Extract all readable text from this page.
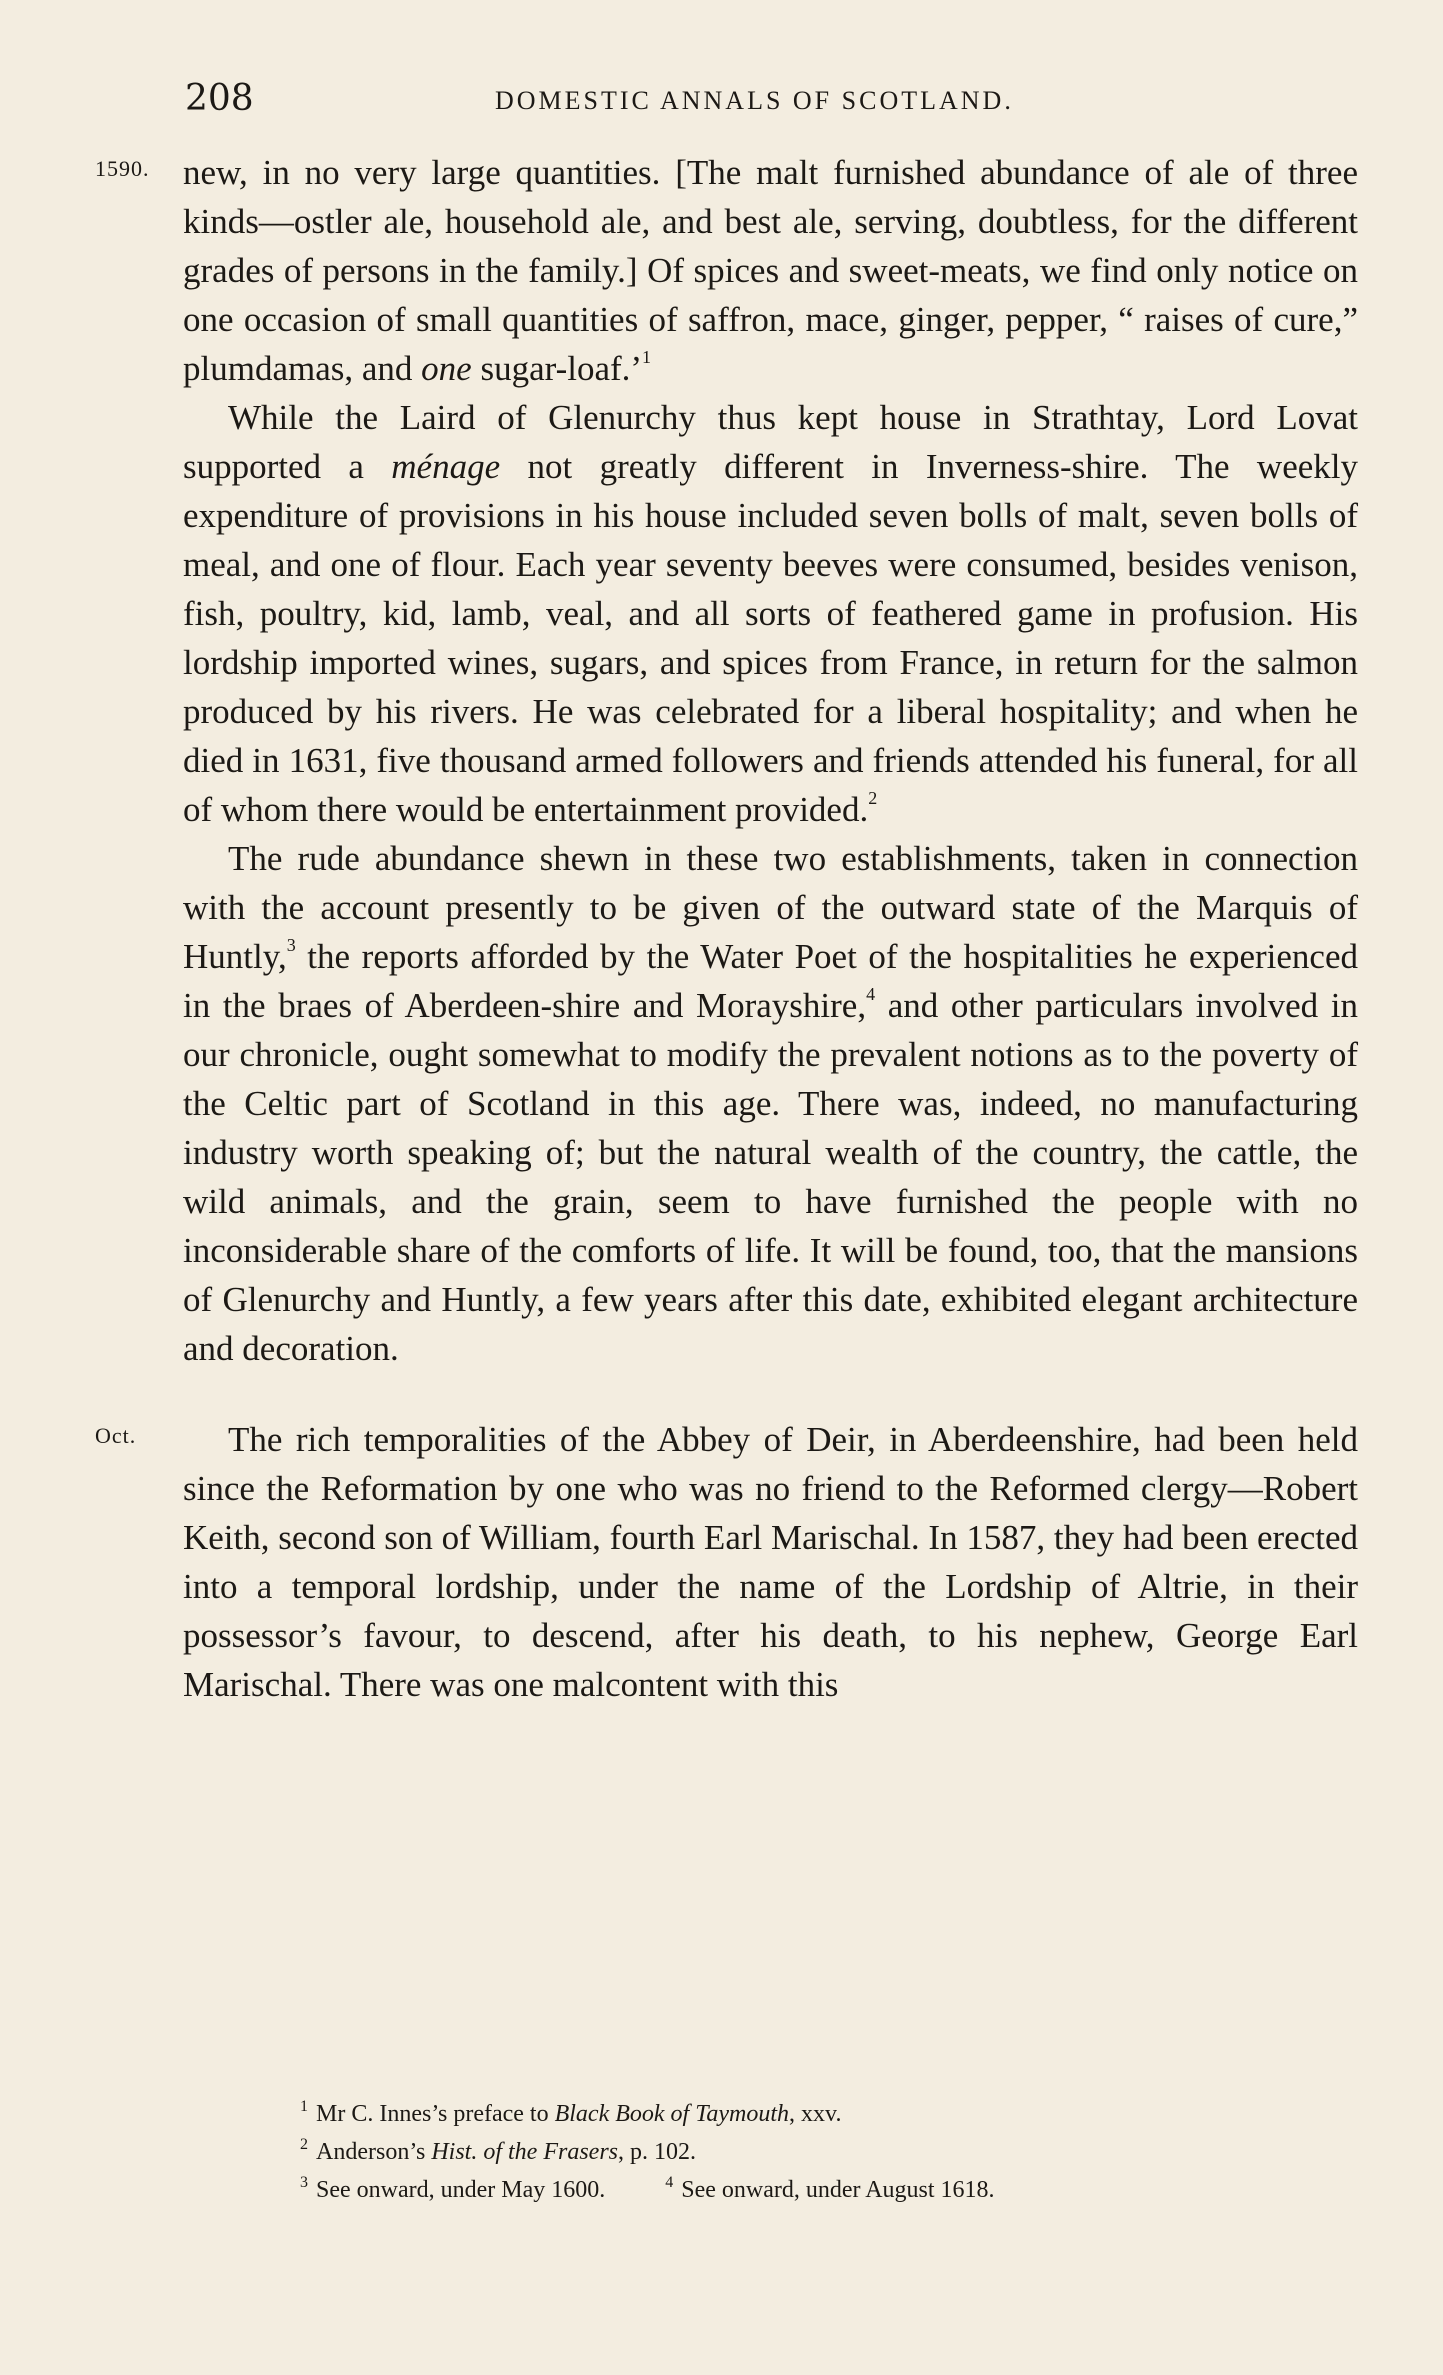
208	DOMESTIC ANNALS OF SCOTLAND.
1590. new, in no very large quantities. [The malt furnished abundance of ale of three kinds—ostler ale, household ale, and best ale, serving, doubtless, for the different grades of persons in the family.] Of spices and sweet-meats, we find only notice on one occasion of small quantities of saffron, mace, ginger, pepper, “ raises of cure,” plumdamas, and one sugar-loaf.’$^1$

While the Laird of Glenurchy thus kept house in Strathtay, Lord Lovat supported a ménage not greatly different in Inverness-shire. The weekly expenditure of provisions in his house included seven bolls of malt, seven bolls of meal, and one of flour. Each year seventy beeves were consumed, besides venison, fish, poultry, kid, lamb, veal, and all sorts of feathered game in profusion. His lordship imported wines, sugars, and spices from France, in return for the salmon produced by his rivers. He was celebrated for a liberal hospitality; and when he died in 1631, five thousand armed followers and friends attended his funeral, for all of whom there would be entertainment provided.$^2$

The rude abundance shewn in these two establishments, taken in connection with the account presently to be given of the outward state of the Marquis of Huntly,$^3$ the reports afforded by the Water Poet of the hospitalities he experienced in the braes of Aberdeen-shire and Morayshire,$^4$ and other particulars involved in our chronicle, ought somewhat to modify the prevalent notions as to the poverty of the Celtic part of Scotland in this age. There was, indeed, no manufacturing industry worth speaking of; but the natural wealth of the country, the cattle, the wild animals, and the grain, seem to have furnished the people with no inconsiderable share of the comforts of life. It will be found, too, that the mansions of Glenurchy and Huntly, a few years after this date, exhibited elegant architecture and decoration.

Oct.	The rich temporalities of the Abbey of Deir, in Aberdeenshire, had been held since the Reformation by one who was no friend to the Reformed clergy—Robert Keith, second son of William, fourth Earl Marischal. In 1587, they had been erected into a temporal lordship, under the name of the Lordship of Altrie, in their possessor’s favour, to descend, after his death, to his nephew, George Earl Marischal. There was one malcontent with this

1 Mr C. Innes’s preface to Black Book of Taymouth, xxv.
2 Anderson’s Hist. of the Frasers, p. 102.
3 See onward, under May 1600.	4 See onward, under August 1618.
